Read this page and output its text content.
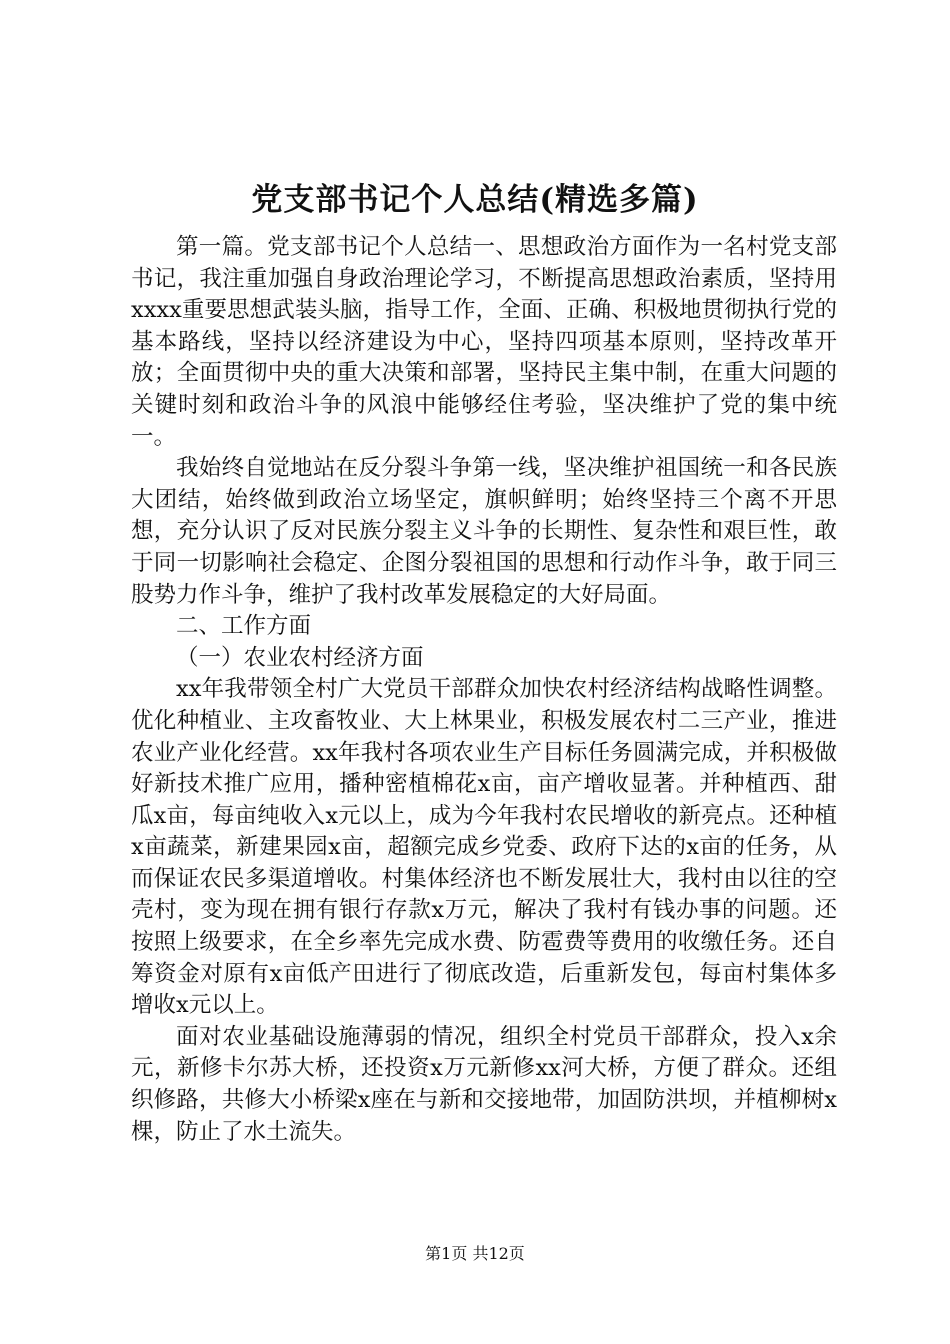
党支部书记个人总结(精选多篇)

第一篇。党支部书记个人总结一、思想政治方面作为一名村党支部书记，我注重加强自身政治理论学习，不断提高思想政治素质，坚持用xxxx重要思想武装头脑，指导工作，全面、正确、积极地贯彻执行党的基本路线，坚持以经济建设为中心，坚持四项基本原则，坚持改革开放；全面贯彻中央的重大决策和部署，坚持民主集中制，在重大问题的关键时刻和政治斗争的风浪中能够经住考验，坚决维护了党的集中统一。

我始终自觉地站在反分裂斗争第一线，坚决维护祖国统一和各民族大团结，始终做到政治立场坚定，旗帜鲜明；始终坚持三个离不开思想，充分认识了反对民族分裂主义斗争的长期性、复杂性和艰巨性，敢于同一切影响社会稳定、企图分裂祖国的思想和行动作斗争，敢于同三股势力作斗争，维护了我村改革发展稳定的大好局面。

二、工作方面

（一）农业农村经济方面

xx年我带领全村广大党员干部群众加快农村经济结构战略性调整。优化种植业、主攻畜牧业、大上林果业，积极发展农村二三产业，推进农业产业化经营。xx年我村各项农业生产目标任务圆满完成，并积极做好新技术推广应用，播种密植棉花x亩，亩产增收显著。并种植西、甜瓜x亩，每亩纯收入x元以上，成为今年我村农民增收的新亮点。还种植x亩蔬菜，新建果园x亩，超额完成乡党委、政府下达的x亩的任务，从而保证农民多渠道增收。村集体经济也不断发展壮大，我村由以往的空壳村，变为现在拥有银行存款x万元，解决了我村有钱办事的问题。还按照上级要求，在全乡率先完成水费、防雹费等费用的收缴任务。还自筹资金对原有x亩低产田进行了彻底改造，后重新发包，每亩村集体多增收x元以上。

面对农业基础设施薄弱的情况，组织全村党员干部群众，投入x余元，新修卡尔苏大桥，还投资x万元新修xx河大桥，方便了群众。还组织修路，共修大小桥梁x座在与新和交接地带，加固防洪坝，并植柳树x棵，防止了水土流失。

第1页 共12页
